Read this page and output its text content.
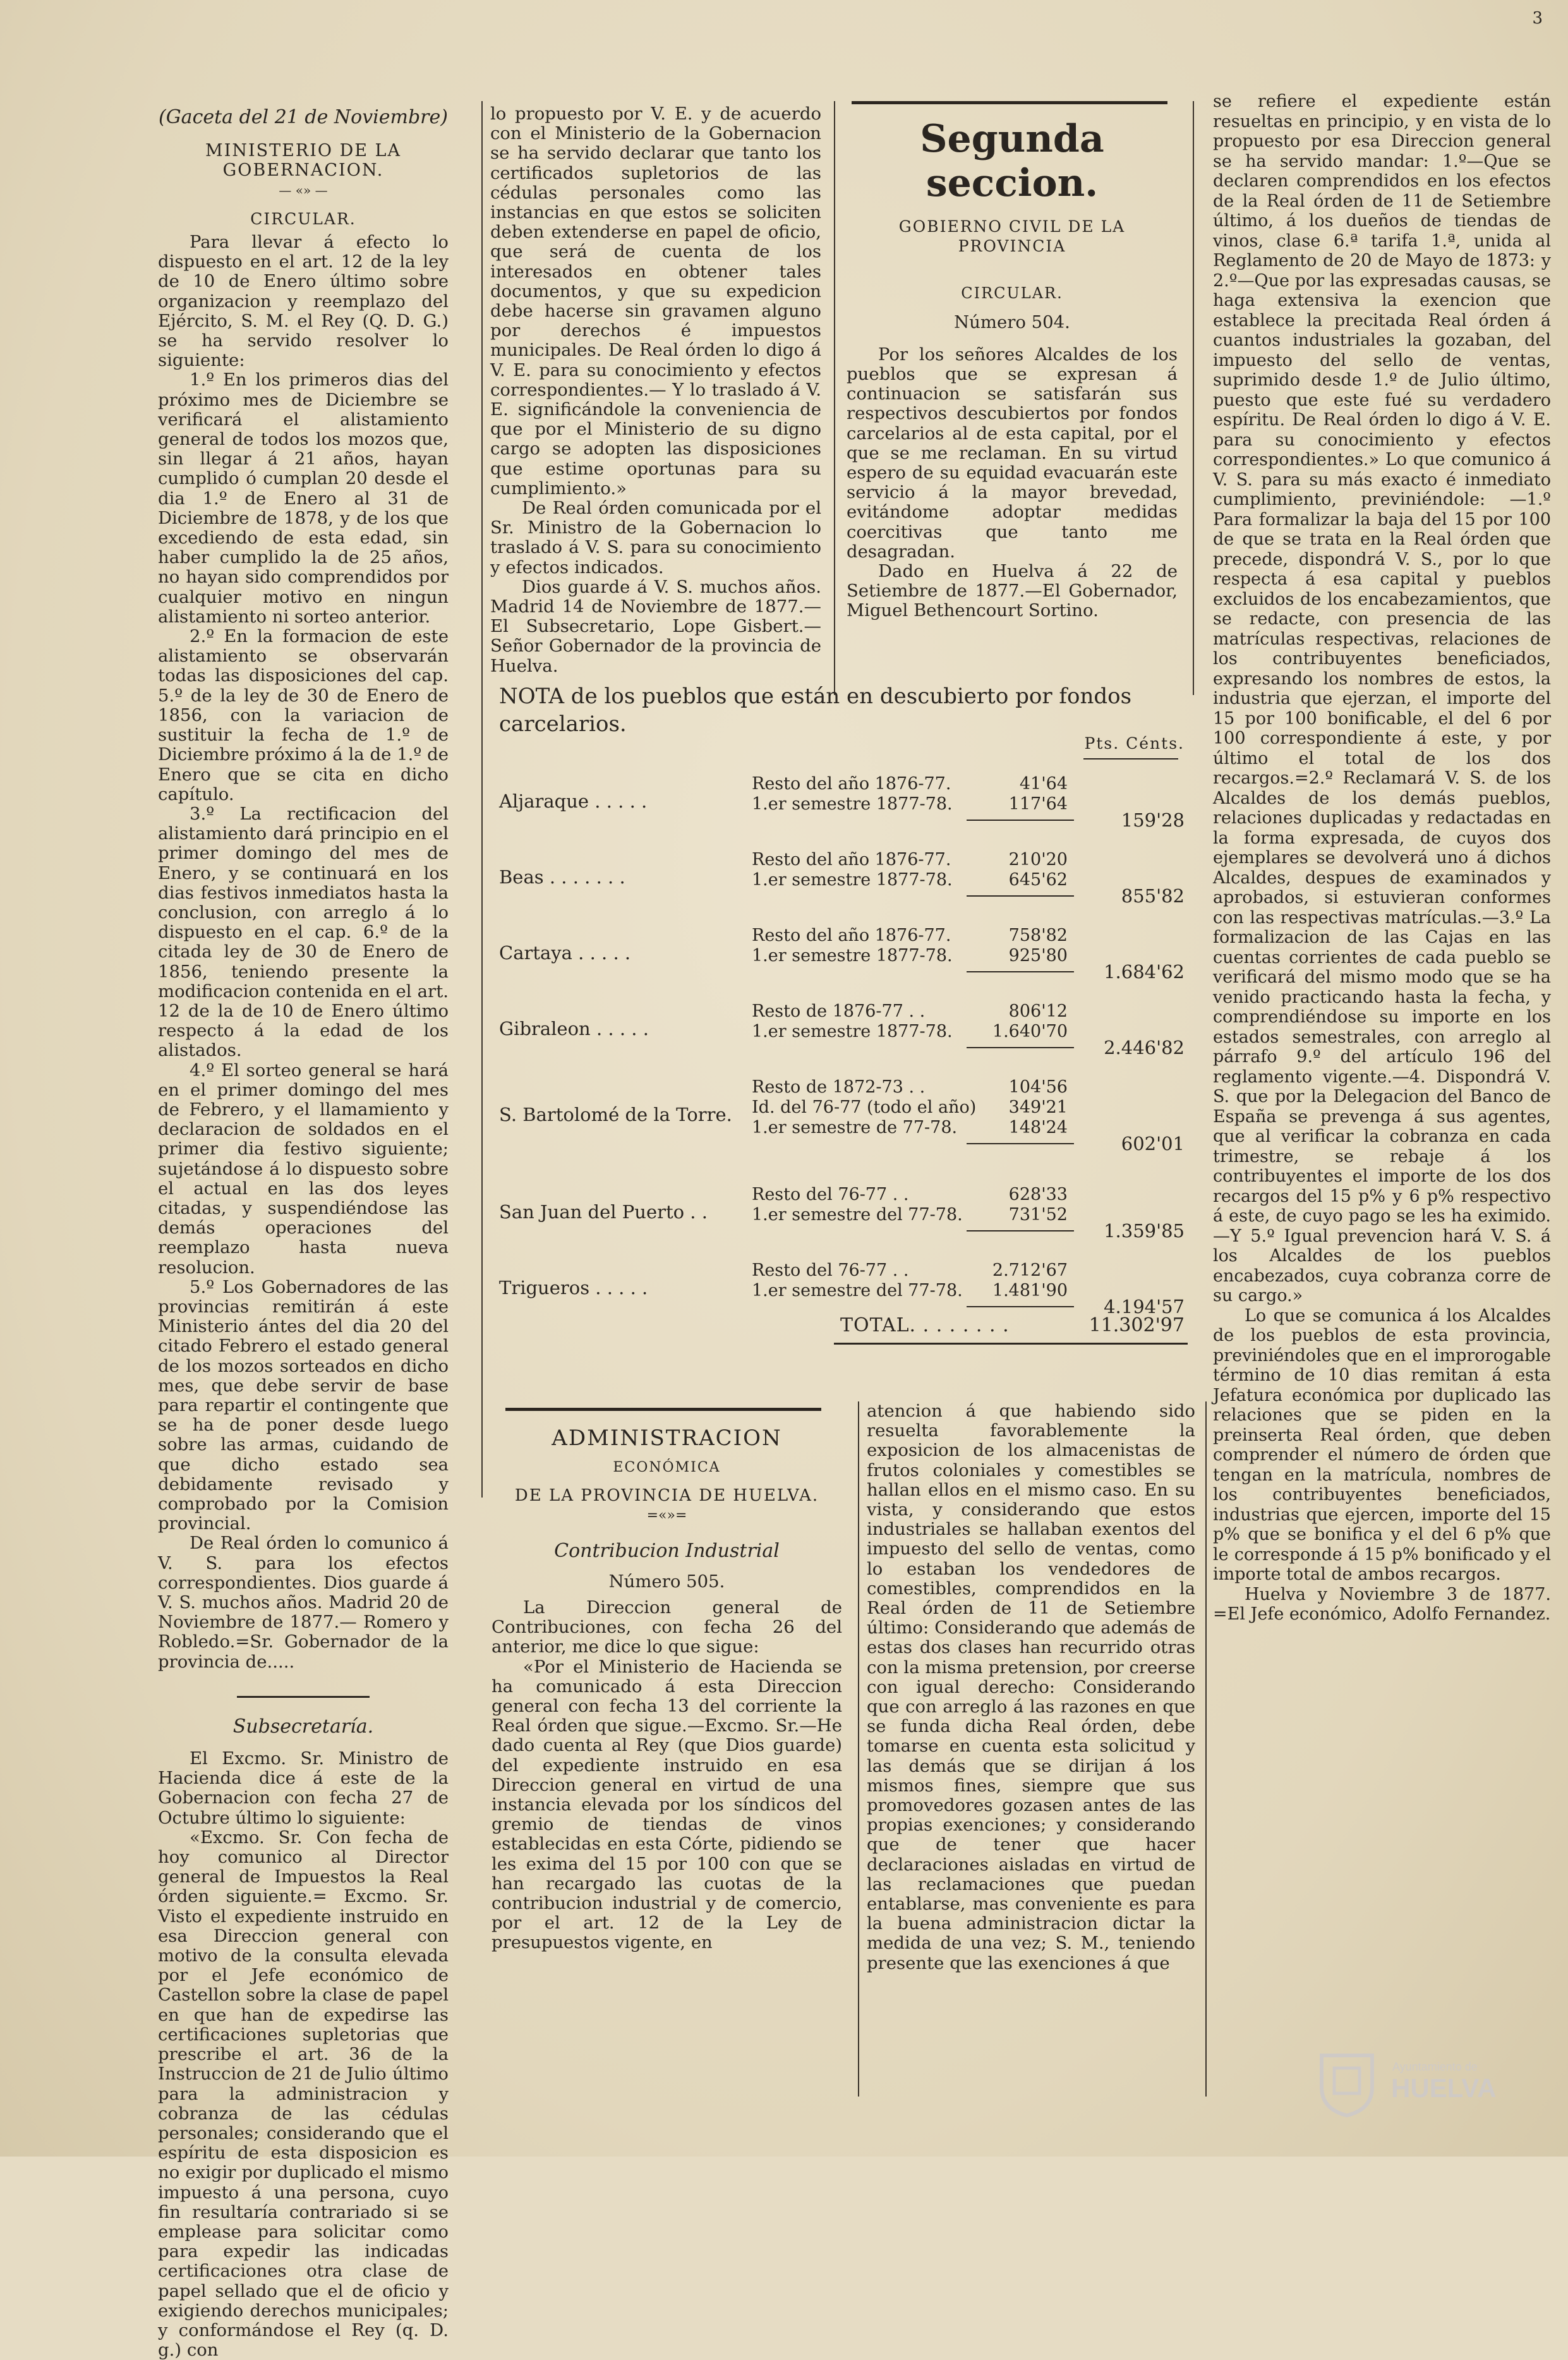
3
(Gaceta del 21 de Noviembre)
MINISTERIO DE LA GOBERNACION.
— «» —
CIRCULAR.

Para llevar á efecto lo dispuesto en el art. 12 de la ley de 10 de Enero último sobre organizacion y reemplazo del Ejército, S. M. el Rey (Q. D. G.) se ha servido resolver lo siguiente:

1.º En los primeros dias del próximo mes de Diciembre se verificará el alistamiento general de todos los mozos que, sin llegar á 21 años, hayan cumplido ó cumplan 20 desde el dia 1.º de Enero al 31 de Diciembre de 1878, y de los que excediendo de esta edad, sin haber cumplido la de 25 años, no hayan sido comprendidos por cualquier motivo en ningun alistamiento ni sorteo anterior.

2.º En la formacion de este alistamiento se observarán todas las disposiciones del cap. 5.º de la ley de 30 de Enero de 1856, con la variacion de sustituir la fecha de 1.º de Diciembre próximo á la de 1.º de Enero que se cita en dicho capítulo.

3.º La rectificacion del alistamiento dará principio en el primer domingo del mes de Enero, y se continuará en los dias festivos inmediatos hasta la conclusion, con arreglo á lo dispuesto en el cap. 6.º de la citada ley de 30 de Enero de 1856, teniendo presente la modificacion contenida en el art. 12 de la de 10 de Enero último respecto á la edad de los alistados.

4.º El sorteo general se hará en el primer domingo del mes de Febrero, y el llamamiento y declaracion de soldados en el primer dia festivo siguiente; sujetándose á lo dispuesto sobre el actual en las dos leyes citadas, y suspendiéndose las demás operaciones del reemplazo hasta nueva resolucion.

5.º Los Gobernadores de las provincias remitirán á este Ministerio ántes del dia 20 del citado Febrero el estado general de los mozos sorteados en dicho mes, que debe servir de base para repartir el contingente que se ha de poner desde luego sobre las armas, cuidando de que dicho estado sea debidamente revisado y comprobado por la Comision provincial.

De Real órden lo comunico á V. S. para los efectos correspondientes. Dios guarde á V. S. muchos años. Madrid 20 de Noviembre de 1877.— Romero y Robledo.=Sr. Gobernador de la provincia de.....

Subsecretaría.

El Excmo. Sr. Ministro de Hacienda dice á este de la Gobernacion con fecha 27 de Octubre último lo siguiente:

«Excmo. Sr. Con fecha de hoy comunico al Director general de Impuestos la Real órden siguiente.= Excmo. Sr. Visto el expediente instruido en esa Direccion general con motivo de la consulta elevada por el Jefe económico de Castellon sobre la clase de papel en que han de expedirse las certificaciones supletorias que prescribe el art. 36 de la Instruccion de 21 de Julio último para la administracion y cobranza de las cédulas personales; considerando que el espíritu de esta disposicion es no exigir por duplicado el mismo impuesto á una persona, cuyo fin resultaría contrariado si se emplease para solicitar como para expedir las indicadas certificaciones otra clase de papel sellado que el de oficio y exigiendo derechos municipales; y conformándose el Rey (q. D. g.) con

lo propuesto por V. E. y de acuerdo con el Ministerio de la Gobernacion se ha servido declarar que tanto los certificados supletorios de las cédulas personales como las instancias en que estos se soliciten deben extenderse en papel de oficio, que será de cuenta de los interesados en obtener tales documentos, y que su expedicion debe hacerse sin gravamen alguno por derechos é impuestos municipales. De Real órden lo digo á V. E. para su conocimiento y efectos correspondientes.— Y lo traslado á V. E. significándole la conveniencia de que por el Ministerio de su digno cargo se adopten las disposiciones que estime oportunas para su cumplimiento.»

De Real órden comunicada por el Sr. Ministro de la Gobernacion lo traslado á V. S. para su conocimiento y efectos indicados.

Dios guarde á V. S. muchos años. Madrid 14 de Noviembre de 1877.— El Subsecretario, Lope Gisbert.—Señor Gobernador de la provincia de Huelva.

Segunda seccion.
GOBIERNO CIVIL DE LA PROVINCIA
CIRCULAR.
Número 504.

Por los señores Alcaldes de los pueblos que se expresan á continuacion se satisfarán sus respectivos descubiertos por fondos carcelarios al de esta capital, por el que se me reclaman. En su virtud espero de su equidad evacuarán este servicio á la mayor brevedad, evitándome adoptar medidas coercitivas que tanto me desagradan.

Dado en Huelva á 22 de Setiembre de 1877.—El Gobernador, Miguel Bethencourt Sortino.

se refiere el expediente están resueltas en principio, y en vista de lo propuesto por esa Direccion general se ha servido mandar: 1.º—Que se declaren comprendidos en los efectos de la Real órden de 11 de Setiembre último, á los dueños de tiendas de vinos, clase 6.ª tarifa 1.ª, unida al Reglamento de 20 de Mayo de 1873: y 2.º—Que por las expresadas causas, se haga extensiva la exencion que establece la precitada Real órden á cuantos industriales la gozaban, del impuesto del sello de ventas, suprimido desde 1.º de Julio último, puesto que este fué su verdadero espíritu. De Real órden lo digo á V. E. para su conocimiento y efectos correspondientes.» Lo que comunico á V. S. para su más exacto é inmediato cumplimiento, previniéndole: —1.º Para formalizar la baja del 15 por 100 de que se trata en la Real órden que precede, dispondrá V. S., por lo que respecta á esa capital y pueblos excluidos de los encabezamientos, que se redacte, con presencia de las matrículas respectivas, relaciones de los contribuyentes beneficiados, expresando los nombres de estos, la industria que ejerzan, el importe del 15 por 100 bonificable, el del 6 por 100 correspondiente á este, y por último el total de los dos recargos.=2.º Reclamará V. S. de los Alcaldes de los demás pueblos, relaciones duplicadas y redactadas en la forma expresada, de cuyos dos ejemplares se devolverá uno á dichos Alcaldes, despues de examinados y aprobados, si estuvieran conformes con las respectivas matrículas.—3.º La formalizacion de las Cajas en las cuentas corrientes de cada pueblo se verificará del mismo modo que se ha venido practicando hasta la fecha, y comprendiéndose su importe en los estados semestrales, con arreglo al párrafo 9.º del artículo 196 del reglamento vigente.—4. Dispondrá V. S. que por la Delegacion del Banco de España se prevenga á sus agentes, que al verificar la cobranza en cada trimestre, se rebaje á los contribuyentes el importe de los dos recargos del 15 p% y 6 p% respectivo á este, de cuyo pago se les ha eximido.—Y 5.º Igual prevencion hará V. S. á los Alcaldes de los pueblos encabezados, cuya cobranza corre de su cargo.»

Lo que se comunica á los Alcaldes de los pueblos de esta provincia, previniéndoles que en el improrogable término de 10 dias remitan á esta Jefatura económica por duplicado las relaciones que se piden en la preinserta Real órden, que deben comprender el número de órden que tengan en la matrícula, nombres de los contribuyentes beneficiados, industrias que ejercen, importe del 15 p% que se bonifica y el del 6 p% que le corresponde á 15 p% bonificado y el importe total de ambos recargos.

Huelva y Noviembre 3 de 1877. =El Jefe económico, Adolfo Fernandez.

NOTA de los pueblos que están en descubierto por fondos carcelarios.
Pts. Cénts.
Aljaraque . . . . .
Resto del año 1876-77.	41'64
1.er semestre 1877-78.	117'64
159'28
Beas . . . . . . .
Resto del año 1876-77.	210'20
1.er semestre 1877-78.	645'62
855'82
Cartaya . . . . .
Resto del año 1876-77.	758'82
1.er semestre 1877-78.	925'80
1.684'62
Gibraleon . . . . .
Resto de 1876-77 . .	806'12
1.er semestre 1877-78.	1.640'70
2.446'82
S. Bartolomé de la Torre.
Resto de 1872-73 . .	104'56
Id. del 76-77 (todo el año)	349'21
1.er semestre de 77-78.	148'24
602'01
San Juan del Puerto . .
Resto del 76-77 . .	628'33
1.er semestre del 77-78.	731'52
1.359'85
Trigueros . . . . .
Resto del 76-77 . .	2.712'67
1.er semestre del 77-78.	1.481'90
4.194'57
TOTAL. . . . . . . .	11.302'97
ADMINISTRACION
ECONÓMICA
DE LA PROVINCIA DE HUELVA.
=«»=
Contribucion Industrial
Número 505.

La Direccion general de Contribuciones, con fecha 26 del anterior, me dice lo que sigue:

«Por el Ministerio de Hacienda se ha comunicado á esta Direccion general con fecha 13 del corriente la Real órden que sigue.—Excmo. Sr.—He dado cuenta al Rey (que Dios guarde) del expediente instruido en esa Direccion general en virtud de una instancia elevada por los síndicos del gremio de tiendas de vinos establecidas en esta Córte, pidiendo se les exima del 15 por 100 con que se han recargado las cuotas de la contribucion industrial y de comercio, por el art. 12 de la Ley de presupuestos vigente, en

atencion á que habiendo sido resuelta favorablemente la exposicion de los almacenistas de frutos coloniales y comestibles se hallan ellos en el mismo caso. En su vista, y considerando que estos industriales se hallaban exentos del impuesto del sello de ventas, como lo estaban los vendedores de comestibles, comprendidos en la Real órden de 11 de Setiembre último: Considerando que además de estas dos clases han recurrido otras con la misma pretension, por creerse con igual derecho: Considerando que con arreglo á las razones en que se funda dicha Real órden, debe tomarse en cuenta esta solicitud y las demás que se dirijan á los mismos fines, siempre que sus promovedores gozasen antes de las propias exenciones; y considerando que de tener que hacer declaraciones aisladas en virtud de las reclamaciones que puedan entablarse, mas conveniente es para la buena administracion dictar la medida de una vez; S. M., teniendo presente que las exenciones á que

Ayuntamiento de
HUELVA
